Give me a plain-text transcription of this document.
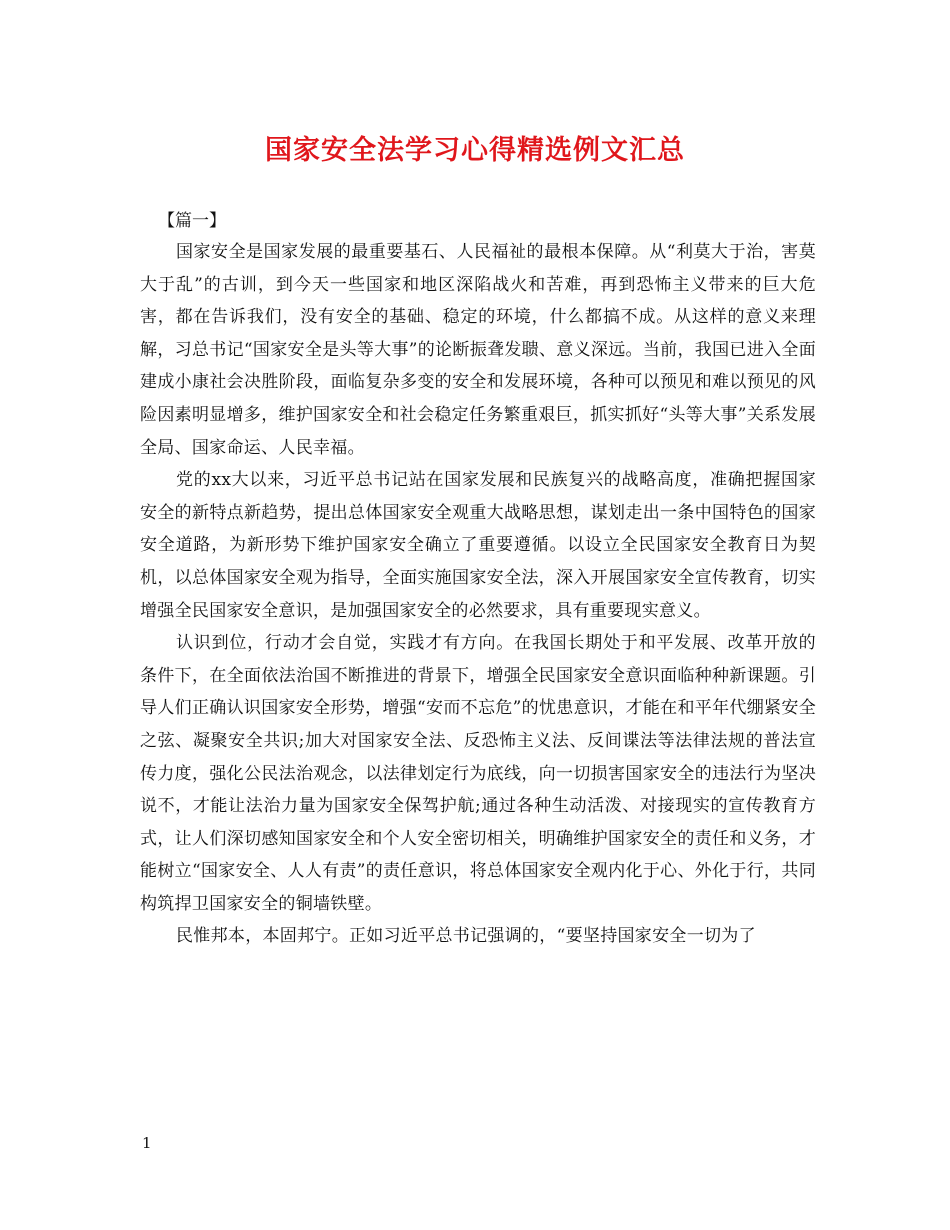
国家安全法学习心得精选例文汇总

【篇一】

国家安全是国家发展的最重要基石、人民福祉的最根本保障。从“利莫大于治，害莫大于乱”的古训，到今天一些国家和地区深陷战火和苦难，再到恐怖主义带来的巨大危害，都在告诉我们，没有安全的基础、稳定的环境，什么都搞不成。从这样的意义来理解，习总书记“国家安全是头等大事”的论断振聋发聩、意义深远。当前，我国已进入全面建成小康社会决胜阶段，面临复杂多变的安全和发展环境，各种可以预见和难以预见的风险因素明显增多，维护国家安全和社会稳定任务繁重艰巨，抓实抓好“头等大事”关系发展全局、国家命运、人民幸福。

党的xx大以来，习近平总书记站在国家发展和民族复兴的战略高度，准确把握国家安全的新特点新趋势，提出总体国家安全观重大战略思想，谋划走出一条中国特色的国家安全道路，为新形势下维护国家安全确立了重要遵循。以设立全民国家安全教育日为契机，以总体国家安全观为指导，全面实施国家安全法，深入开展国家安全宣传教育，切实增强全民国家安全意识，是加强国家安全的必然要求，具有重要现实意义。

认识到位，行动才会自觉，实践才有方向。在我国长期处于和平发展、改革开放的条件下，在全面依法治国不断推进的背景下，增强全民国家安全意识面临种种新课题。引导人们正确认识国家安全形势，增强“安而不忘危”的忧患意识，才能在和平年代绷紧安全之弦、凝聚安全共识;加大对国家安全法、反恐怖主义法、反间谍法等法律法规的普法宣传力度，强化公民法治观念，以法律划定行为底线，向一切损害国家安全的违法行为坚决说不，才能让法治力量为国家安全保驾护航;通过各种生动活泼、对接现实的宣传教育方式，让人们深切感知国家安全和个人安全密切相关，明确维护国家安全的责任和义务，才能树立“国家安全、人人有责”的责任意识，将总体国家安全观内化于心、外化于行，共同构筑捍卫国家安全的铜墙铁壁。

民惟邦本，本固邦宁。正如习近平总书记强调的，“要坚持国家安全一切为了

1
